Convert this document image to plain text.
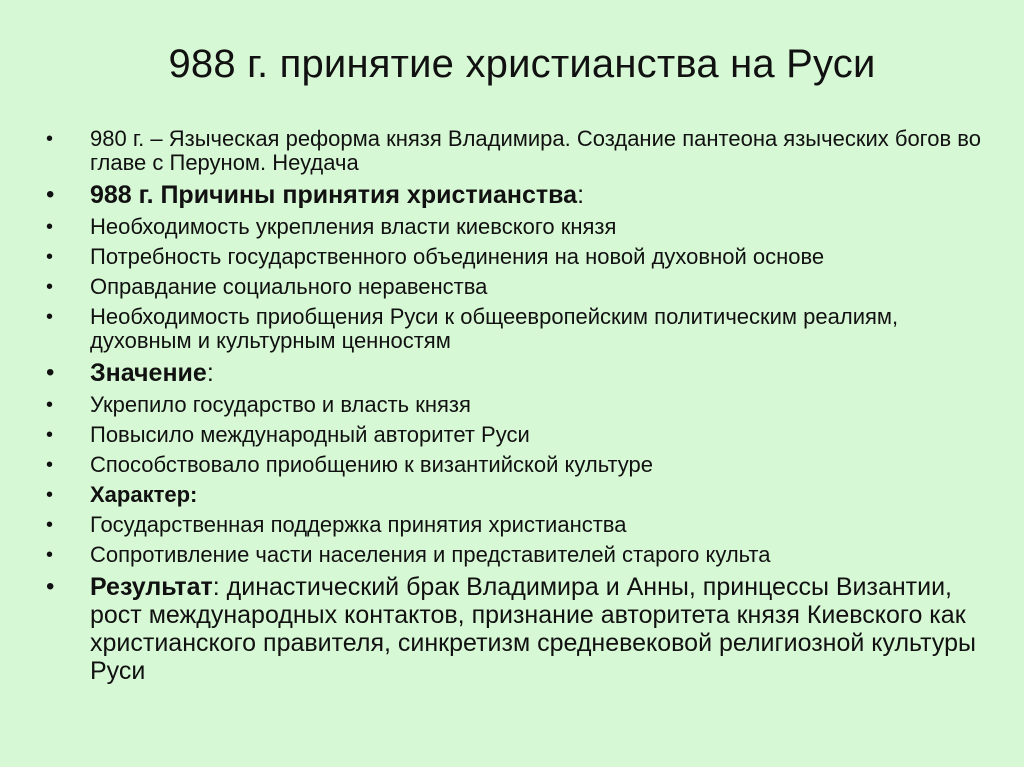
988 г. принятие христианства на Руси
•	980 г. – Языческая реформа князя Владимира. Создание пантеона языческих богов во главе с Перуном. Неудача
•	988 г. Причины принятия христианства:
•	Необходимость укрепления власти киевского князя
•	Потребность государственного объединения на новой духовной основе
•	Оправдание социального неравенства
•	Необходимость приобщения Руси к общеевропейским политическим реалиям, духовным и культурным ценностям
•	Значение:
•	Укрепило государство и власть князя
•	Повысило международный авторитет Руси
•	Способствовало приобщению к византийской культуре
•	Характер:
•	Государственная поддержка принятия христианства
•	Сопротивление части населения и представителей старого культа
•	Результат: династический брак Владимира и Анны, принцессы Византии, рост международных контактов, признание авторитета князя Киевского как христианского правителя, синкретизм средневековой религиозной культуры Руси
